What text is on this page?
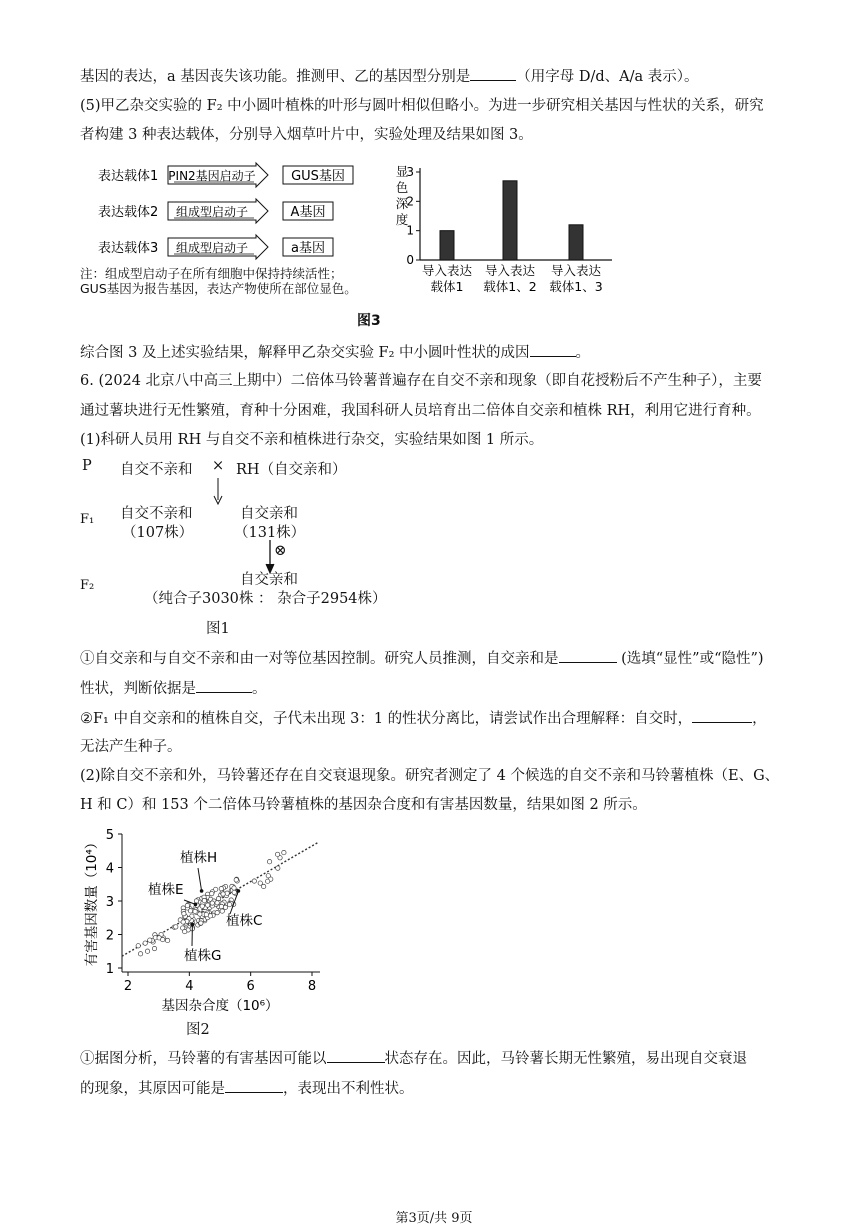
基因的表达，a 基因丧失该功能。推测甲、乙的基因型分别是	（用字母 D/d、A/a 表示）。
(5)甲乙杂交实验的 F₂ 中小圆叶植株的叶形与圆叶相似但略小。为进一步研究相关基因与性状的关系，研究
者构建 3 种表达载体，分别导入烟草叶片中，实验处理及结果如图 3。
表达载体1 PIN2基因启动子	GUS基因
表达载体2 组成型启动子	A基因
表达载体3 组成型启动子	a基因
注：组成型启动子在所有细胞中保持持续活性；
GUS基因为报告基因，表达产物使所在部位显色。
0
1
2
3
显
色
深
度
导入表达
载体1
导入表达
载体1、2
导入表达
载体1、3
图3
综合图 3 及上述实验结果，解释甲乙杂交实验 F₂ 中小圆叶性状的成因	。
6. (2024 北京八中高三上期中）二倍体马铃薯普遍存在自交不亲和现象（即自花授粉后不产生种子），主要
通过薯块进行无性繁殖，育种十分困难，我国科研人员培育出二倍体自交亲和植株 RH，利用它进行育种。
(1)科研人员用 RH 与自交不亲和植株进行杂交，实验结果如图 1 所示。
P 自交不亲和 × RH（自交亲和）
F₁ 自交不亲和
（107株）
自交亲和
（131株）
⊗
F₂	自交亲和
（纯合子3030株 ： 杂合子2954株）
图1
①自交亲和与自交不亲和由一对等位基因控制。研究人员推测，自交亲和是	(选填“显性”或“隐性”)
性状，判断依据是	。
②F₁ 中自交亲和的植株自交，子代未出现 3：1 的性状分离比，请尝试作出合理解释：自交时，	，
无法产生种子。
(2)除自交不亲和外，马铃薯还存在自交衰退现象。研究者测定了 4 个候选的自交不亲和马铃薯植株（E、G、
H 和 C）和 153 个二倍体马铃薯植株的基因杂合度和有害基因数量，结果如图 2 所示。
1
2
3
4
5
2	4	6	8
基因杂合度（10⁶）
有害基因数量（10⁴）	植株H
植株E
植株C
植株G
图2
①据图分析，马铃薯的有害基因可能以	状态存在。因此，马铃薯长期无性繁殖，易出现自交衰退
的现象，其原因可能是	，表现出不利性状。
第3页/共 9页
